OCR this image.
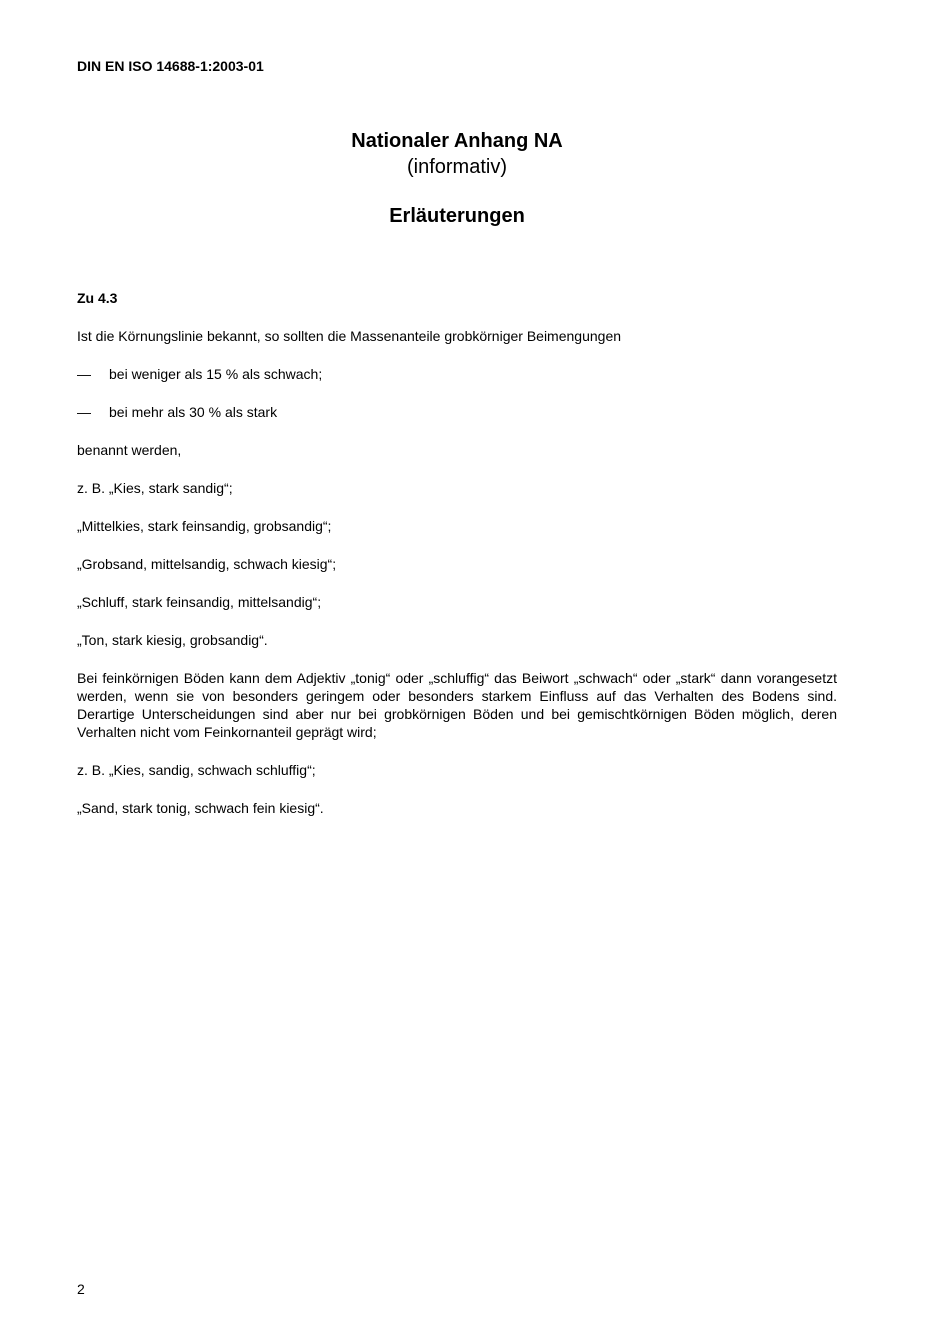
DIN EN ISO 14688-1:2003-01
Nationaler Anhang NA
(informativ)
Erläuterungen
Zu 4.3
Ist die Körnungslinie bekannt, so sollten die Massenanteile grobkörniger Beimengungen
—	bei weniger als 15 % als schwach;
—	bei mehr als 30 % als stark
benannt werden,
z. B. „Kies, stark sandig“;
„Mittelkies, stark feinsandig, grobsandig“;
„Grobsand, mittelsandig, schwach kiesig“;
„Schluff, stark feinsandig, mittelsandig“;
„Ton, stark kiesig, grobsandig“.
Bei feinkörnigen Böden kann dem Adjektiv „tonig“ oder „schluffig“ das Beiwort „schwach“ oder „stark“ dann vorangesetzt werden, wenn sie von besonders geringem oder besonders starkem Einfluss auf das Verhalten des Bodens sind. Derartige Unterscheidungen sind aber nur bei grobkörnigen Böden und bei gemischtkörnigen Böden möglich, deren Verhalten nicht vom Feinkornanteil geprägt wird;
z. B. „Kies, sandig, schwach schluffig“;
„Sand, stark tonig, schwach fein kiesig“.
2
